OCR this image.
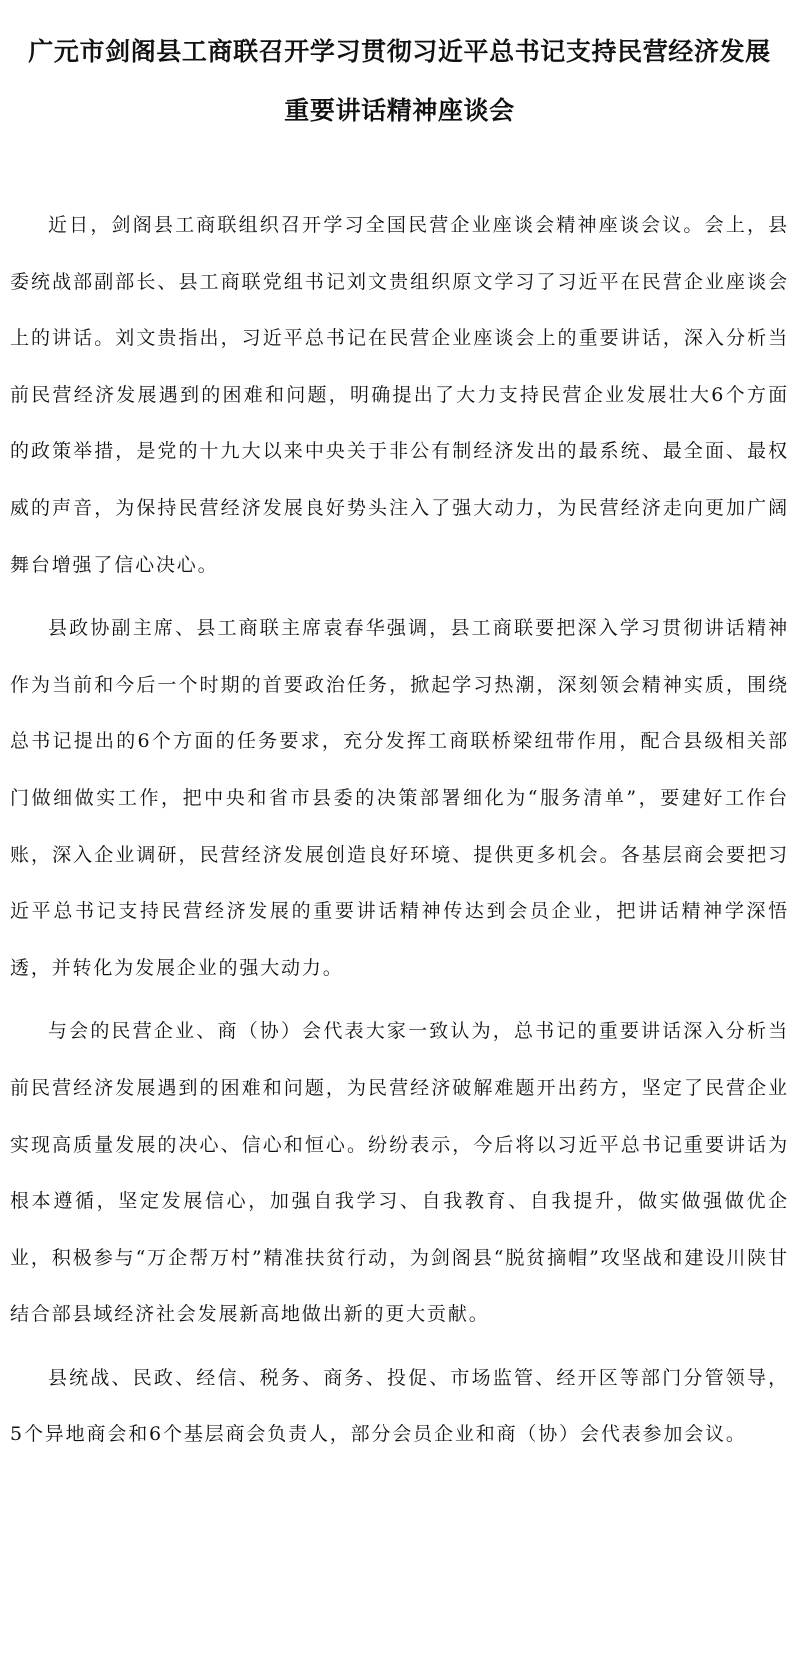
广元市剑阁县工商联召开学习贯彻习近平总书记支持民营经济发展
重要讲话精神座谈会

近日，剑阁县工商联组织召开学习全国民营企业座谈会精神座谈会议。会上，县委统战部副部长、县工商联党组书记刘文贵组织原文学习了习近平在民营企业座谈会上的讲话。刘文贵指出，习近平总书记在民营企业座谈会上的重要讲话，深入分析当前民营经济发展遇到的困难和问题，明确提出了大力支持民营企业发展壮大6个方面的政策举措，是党的十九大以来中央关于非公有制经济发出的最系统、最全面、最权威的声音，为保持民营经济发展良好势头注入了强大动力，为民营经济走向更加广阔舞台增强了信心决心。

县政协副主席、县工商联主席袁春华强调，县工商联要把深入学习贯彻讲话精神作为当前和今后一个时期的首要政治任务，掀起学习热潮，深刻领会精神实质，围绕总书记提出的6个方面的任务要求，充分发挥工商联桥梁纽带作用，配合县级相关部门做细做实工作，把中央和省市县委的决策部署细化为“服务清单”，要建好工作台账，深入企业调研，民营经济发展创造良好环境、提供更多机会。各基层商会要把习近平总书记支持民营经济发展的重要讲话精神传达到会员企业，把讲话精神学深悟透，并转化为发展企业的强大动力。

与会的民营企业、商（协）会代表大家一致认为，总书记的重要讲话深入分析当前民营经济发展遇到的困难和问题，为民营经济破解难题开出药方，坚定了民营企业实现高质量发展的决心、信心和恒心。纷纷表示，今后将以习近平总书记重要讲话为根本遵循，坚定发展信心，加强自我学习、自我教育、自我提升，做实做强做优企业，积极参与“万企帮万村”精准扶贫行动，为剑阁县“脱贫摘帽”攻坚战和建设川陕甘结合部县域经济社会发展新高地做出新的更大贡献。

县统战、民政、经信、税务、商务、投促、市场监管、经开区等部门分管领导，5个异地商会和6个基层商会负责人，部分会员企业和商（协）会代表参加会议。
